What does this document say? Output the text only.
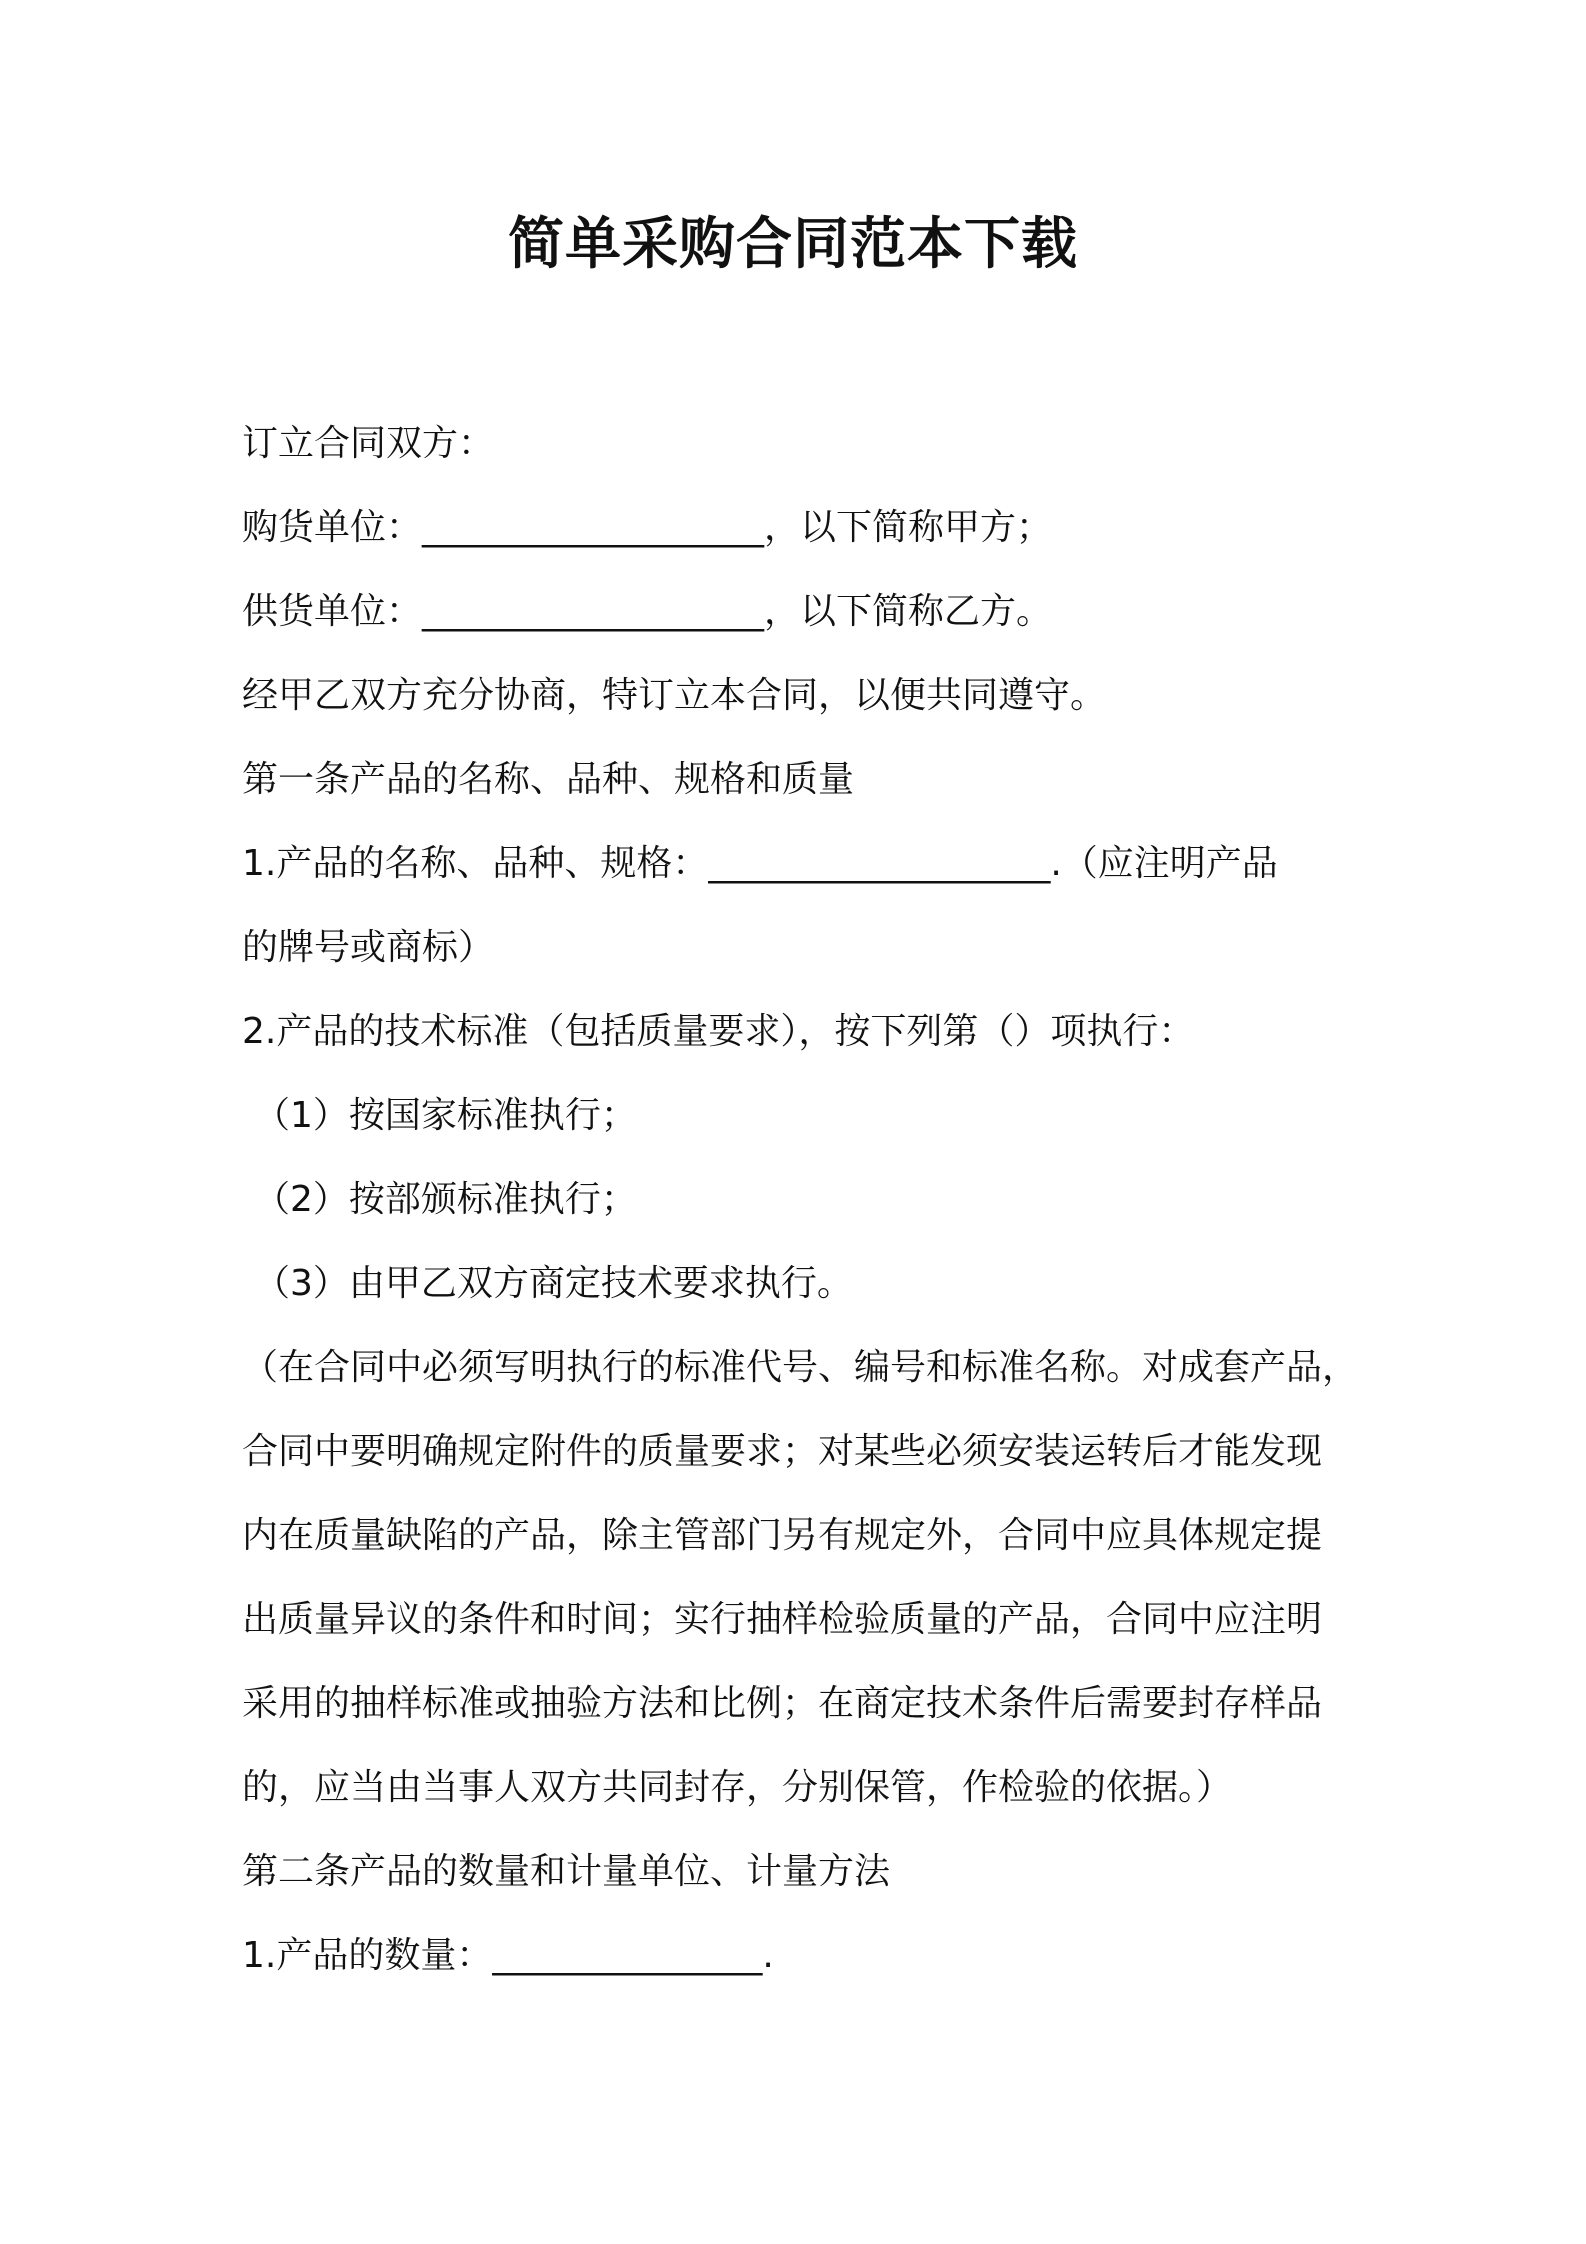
简单采购合同范本下载
订立合同双方：
购货单位：___________________，以下简称甲方；
供货单位：___________________，以下简称乙方。
经甲乙双方充分协商，特订立本合同，以便共同遵守。
第一条产品的名称、品种、规格和质量
1.产品的名称、品种、规格：___________________.（应注明产品
的牌号或商标）
2.产品的技术标准（包括质量要求），按下列第（）项执行：
（1）按国家标准执行；
（2）按部颁标准执行；
（3）由甲乙双方商定技术要求执行。
（在合同中必须写明执行的标准代号、编号和标准名称。对成套产品，
合同中要明确规定附件的质量要求；对某些必须安装运转后才能发现
内在质量缺陷的产品，除主管部门另有规定外，合同中应具体规定提
出质量异议的条件和时间；实行抽样检验质量的产品，合同中应注明
采用的抽样标准或抽验方法和比例；在商定技术条件后需要封存样品
的，应当由当事人双方共同封存，分别保管，作检验的依据。）
第二条产品的数量和计量单位、计量方法
1.产品的数量：_______________.
